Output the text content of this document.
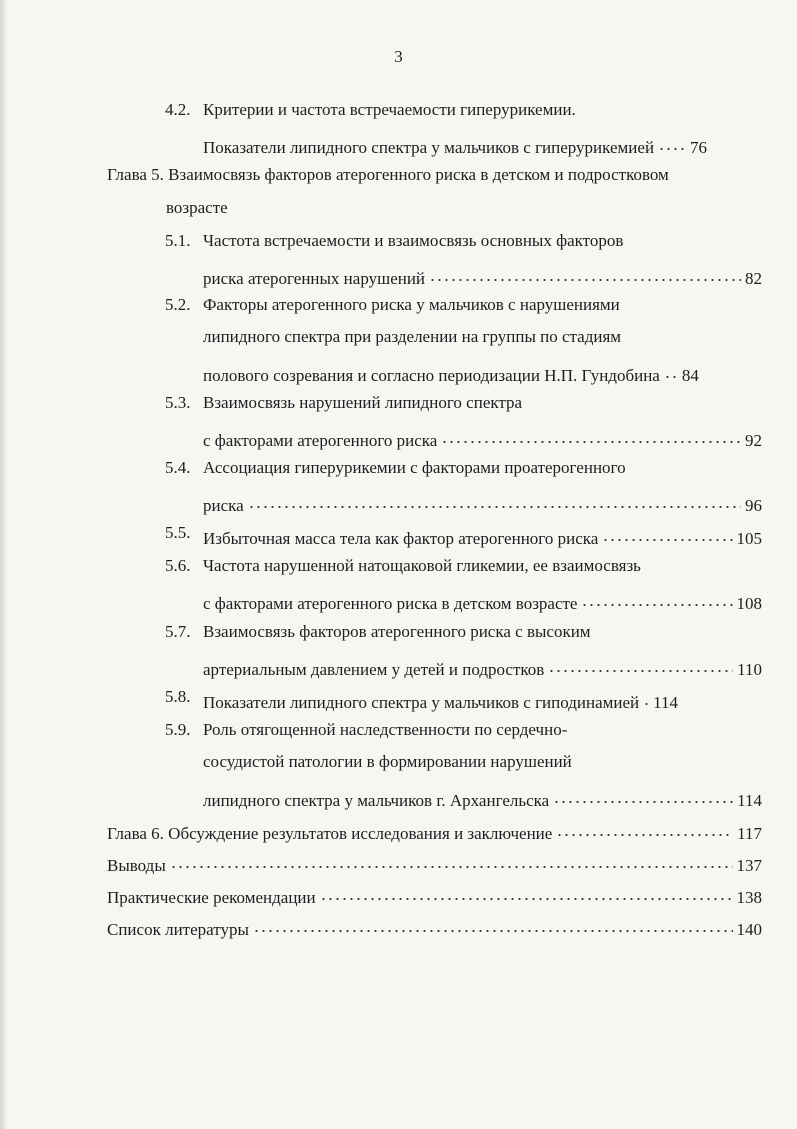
3
4.2. Критерии и частота встречаемости гиперурикемии.
Показатели липидного спектра у мальчиков с гиперурикемией 76
Глава 5. Взаимосвязь факторов атерогенного риска в детском и подростковом
возрасте
5.1. Частота встречаемости и взаимосвязь основных факторов
риска атерогенных нарушений	82
5.2. Факторы атерогенного риска у мальчиков с нарушениями
липидного спектра при разделении на группы по стадиям
полового созревания и согласно периодизации Н.П. Гундобина 84
5.3. Взаимосвязь нарушений липидного спектра
с факторами атерогенного риска	92
5.4. Ассоциация гиперурикемии с факторами проатерогенного
риска	96
5.5. Избыточная масса тела как фактор атерогенного риска	105
5.6. Частота нарушенной натощаковой гликемии, ее взаимосвязь
с факторами атерогенного риска в детском возрасте	108
5.7. Взаимосвязь факторов атерогенного риска с высоким
артериальным давлением у детей и подростков	110
5.8. Показатели липидного спектра у мальчиков с гиподинамией 114
5.9. Роль отягощенной наследственности по сердечно-
сосудистой патологии в формировании нарушений
липидного спектра у мальчиков г. Архангельска	114
Глава 6. Обсуждение результатов исследования и заключение	117
Выводы	137
Практические рекомендации	138
Список литературы	140
